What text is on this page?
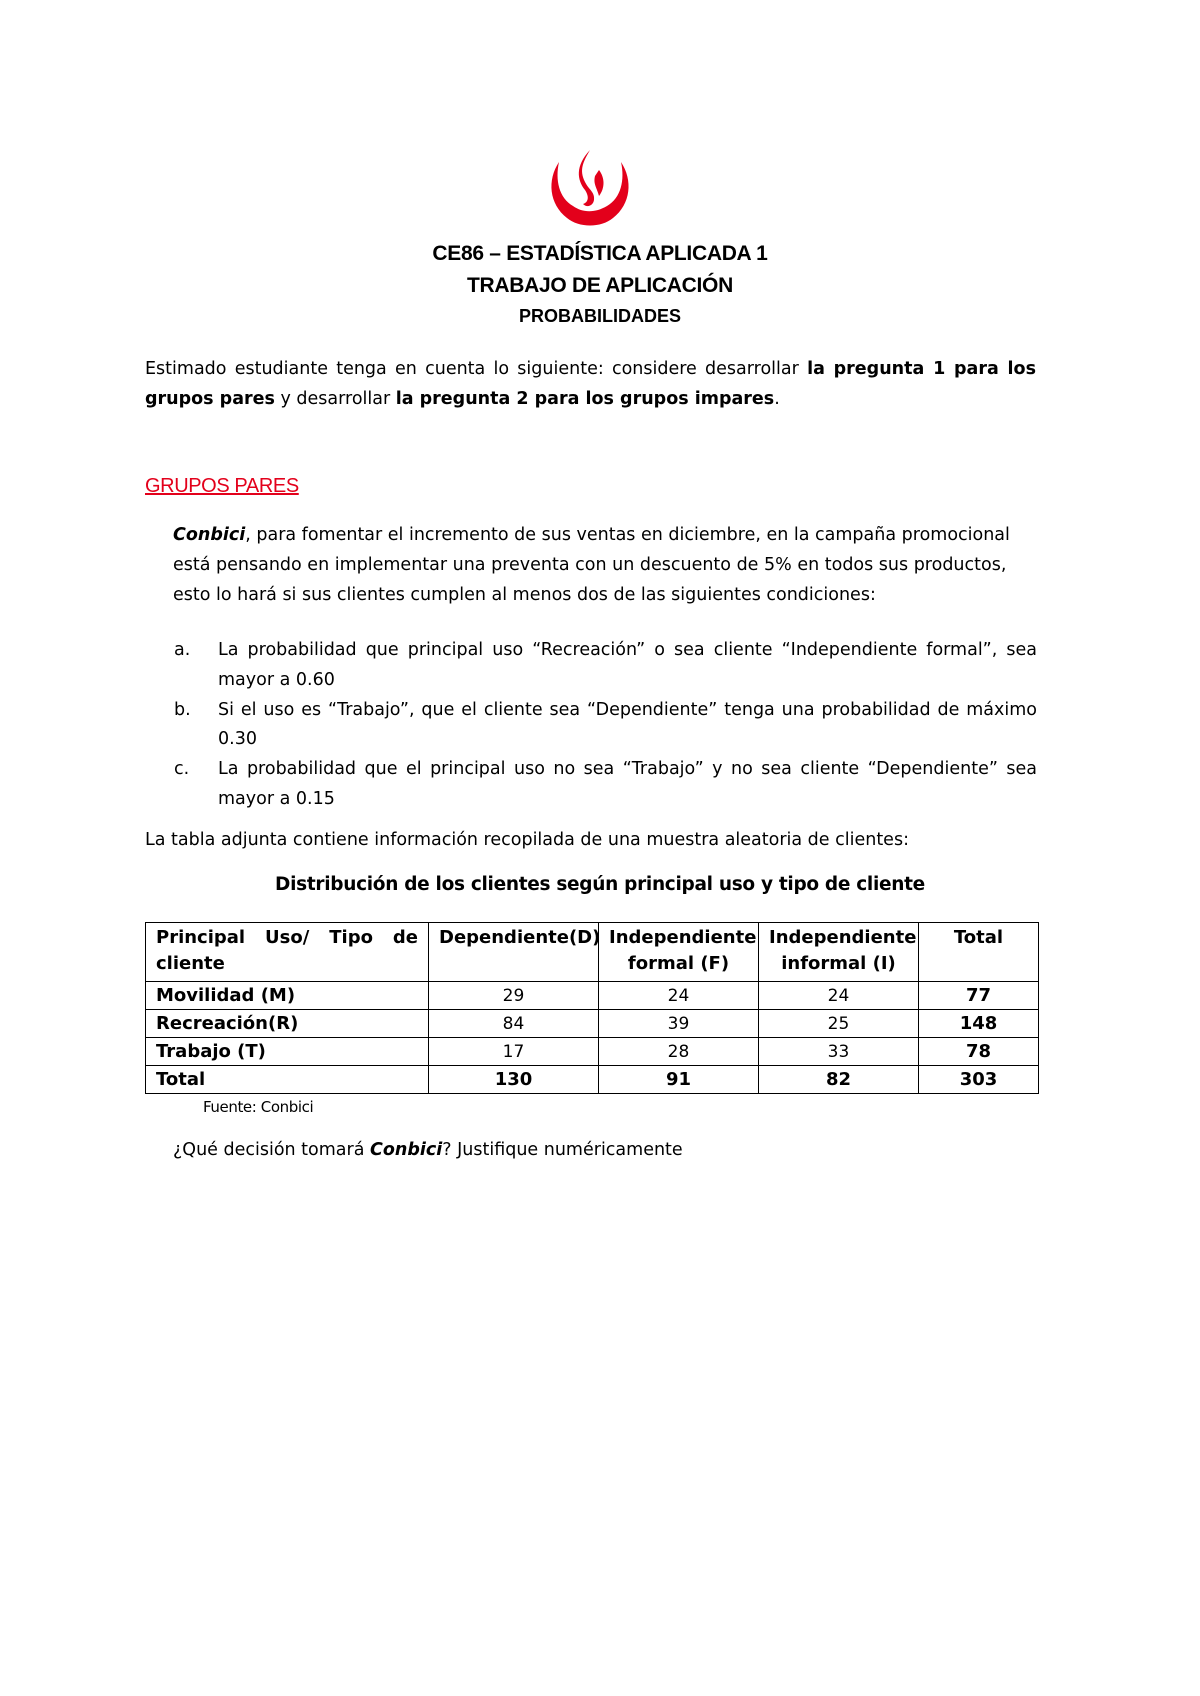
CE86 – ESTADÍSTICA APLICADA 1
TRABAJO DE APLICACIÓN
PROBABILIDADES
Estimado estudiante tenga en cuenta lo siguiente: considere desarrollar la pregunta 1 para los grupos pares y desarrollar la pregunta 2 para los grupos impares.
GRUPOS PARES
Conbici, para fomentar el incremento de sus ventas en diciembre, en la campaña promocional está pensando en implementar una preventa con un descuento de 5% en todos sus productos, esto lo hará si sus clientes cumplen al menos dos de las siguientes condiciones:
a.	La probabilidad que principal uso “Recreación” o sea cliente “Independiente formal”, sea mayor a 0.60
b.	Si el uso es “Trabajo”, que el cliente sea “Dependiente” tenga una probabilidad de máximo 0.30
c.	La probabilidad que el principal uso no sea “Trabajo” y no sea cliente “Dependiente” sea mayor a 0.15
La tabla adjunta contiene información recopilada de una muestra aleatoria de clientes:
Distribución de los clientes según principal uso y tipo de cliente
Principal Uso/ Tipo de
cliente	Dependiente(D)	Independiente formal (F)	Independiente informal (I)	Total
Movilidad (M)	29	24	24	77
Recreación(R)	84	39	25	148
Trabajo (T)	17	28	33	78
Total	130	91	82	303
Fuente: Conbici
¿Qué decisión tomará Conbici? Justifique numéricamente
